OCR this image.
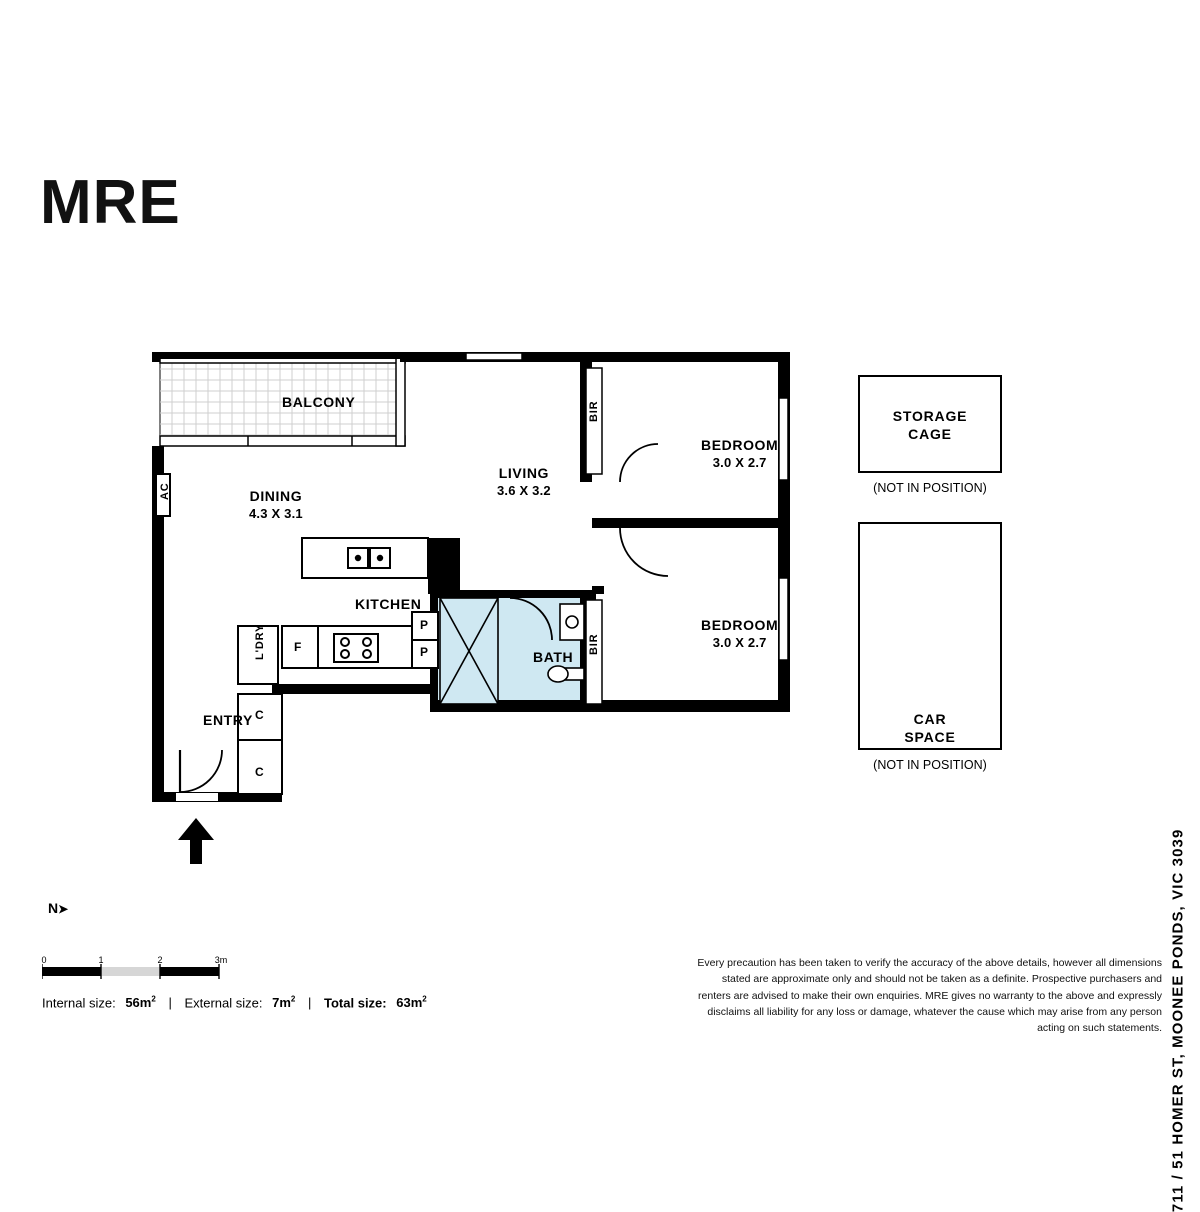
MRE
711 / 51 HOMER ST, MOONEE PONDS, VIC 3039
BALCONY
DINING
4.3 X 3.1
LIVING
3.6 X 3.2
KITCHEN
ENTRY
BATH
BEDROOM
3.0 X 2.7
BEDROOM
3.0 X 2.7
F
P
P
C
C
STORAGE
CAGE
(NOT IN POSITION)
CAR
SPACE
(NOT IN POSITION)
N➤
0	1	2	3m
Internal size: $56m^2$ | External size: $7m^2$ | Total size: $63m^2$
Every precaution has been taken to verify the accuracy of the above details, however all dimensions stated are approximate only and should not be taken as a definite. Prospective purchasers and renters are advised to make their own enquiries. MRE gives no warranty to the above and expressly disclaims all liability for any loss or damage, whatever the cause which may arise from any person acting on such statements.
